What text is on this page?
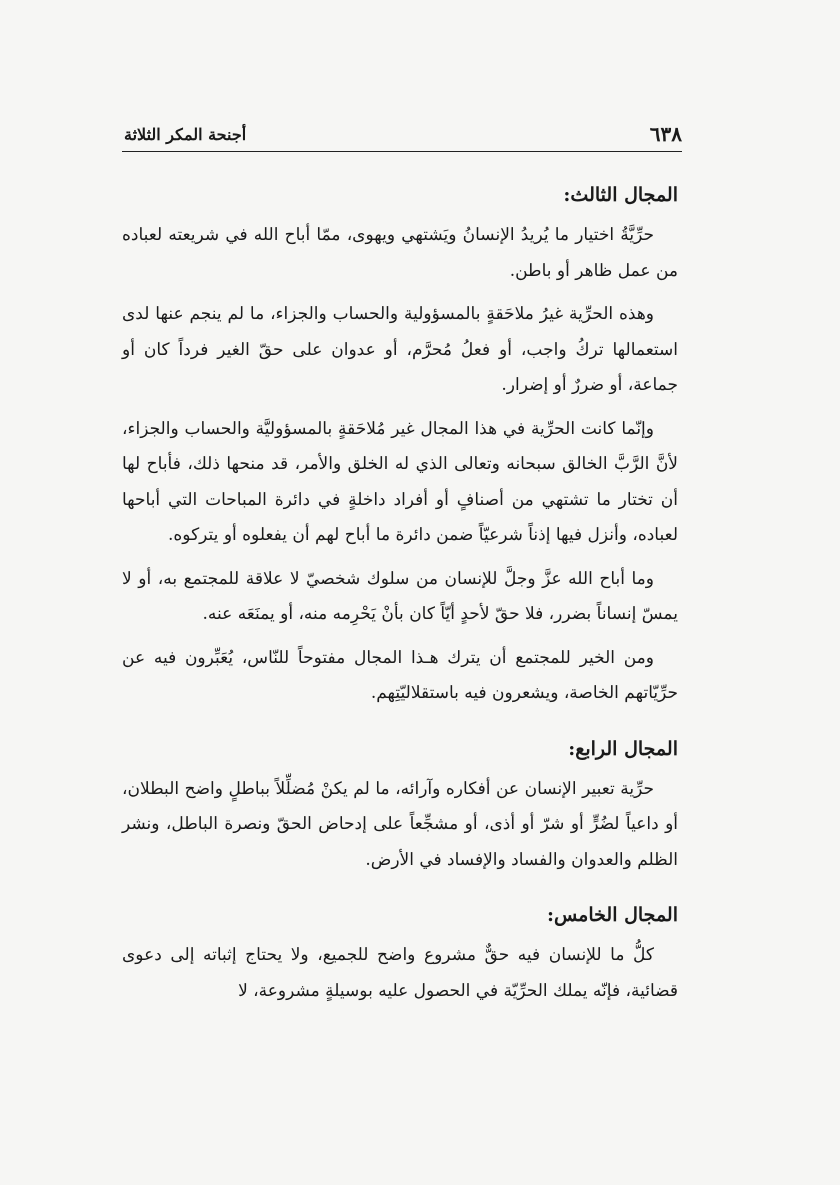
٦٣٨
أجنحة المكر الثلاثة
المجال الثالث:

حرِّيَّةُ اختيار ما يُريدُ الإنسانُ ويَشتهي ويهوى، ممّا أباح الله في شريعته لعباده من عمل ظاهر أو باطن.

وهذه الحرِّية غيرُ ملاحَقةٍ بالمسؤولية والحساب والجزاء، ما لم ينجم عنها لدى استعمالها تركُ واجب، أو فعلُ مُحرَّم، أو عدوان على حقّ الغير فرداً كان أو جماعة، أو ضررٌ أو إضرار.

وإنّما كانت الحرِّية في هذا المجال غير مُلاحَقةٍ بالمسؤوليَّة والحساب والجزاء، لأنَّ الرَّبَّ الخالق سبحانه وتعالى الذي له الخلق والأمر، قد منحها ذلك، فأباح لها أن تختار ما تشتهي من أصنافٍ أو أفراد داخلةٍ في دائرة المباحات التي أباحها لعباده، وأنزل فيها إذناً شرعيّاً ضمن دائرة ما أباح لهم أن يفعلوه أو يتركوه.

وما أباح الله عزَّ وجلَّ للإنسان من سلوك شخصيّ لا علاقة للمجتمع به، أو لا يمسّ إنساناً بضرر، فلا حقّ لأحدٍ أيّاً كان بأنْ يَحْرِمه منه، أو يمنَعَه عنه.

ومن الخير للمجتمع أن يترك هـذا المجال مفتوحاً للنّاس، يُعَبِّرون فيه عن حرِّيّاتهم الخاصة، ويشعرون فيه باستقلاليّتِهم.

المجال الرابع:

حرِّية تعبير الإنسان عن أفكاره وآرائه، ما لم يكنْ مُضلِّلاً بباطلٍ واضح البطلان، أو داعياً لضُرٍّ أو شرّ أو أذى، أو مشجِّعاً على إدحاض الحقّ ونصرة الباطل، ونشر الظلم والعدوان والفساد والإفساد في الأرض.

المجال الخامس:

كلُّ ما للإنسان فيه حقٌّ مشروع واضح للجميع، ولا يحتاج إثباته إلى دعوى قضائية، فإنّه يملك الحرِّيّة في الحصول عليه بوسيلةٍ مشروعة، لا
